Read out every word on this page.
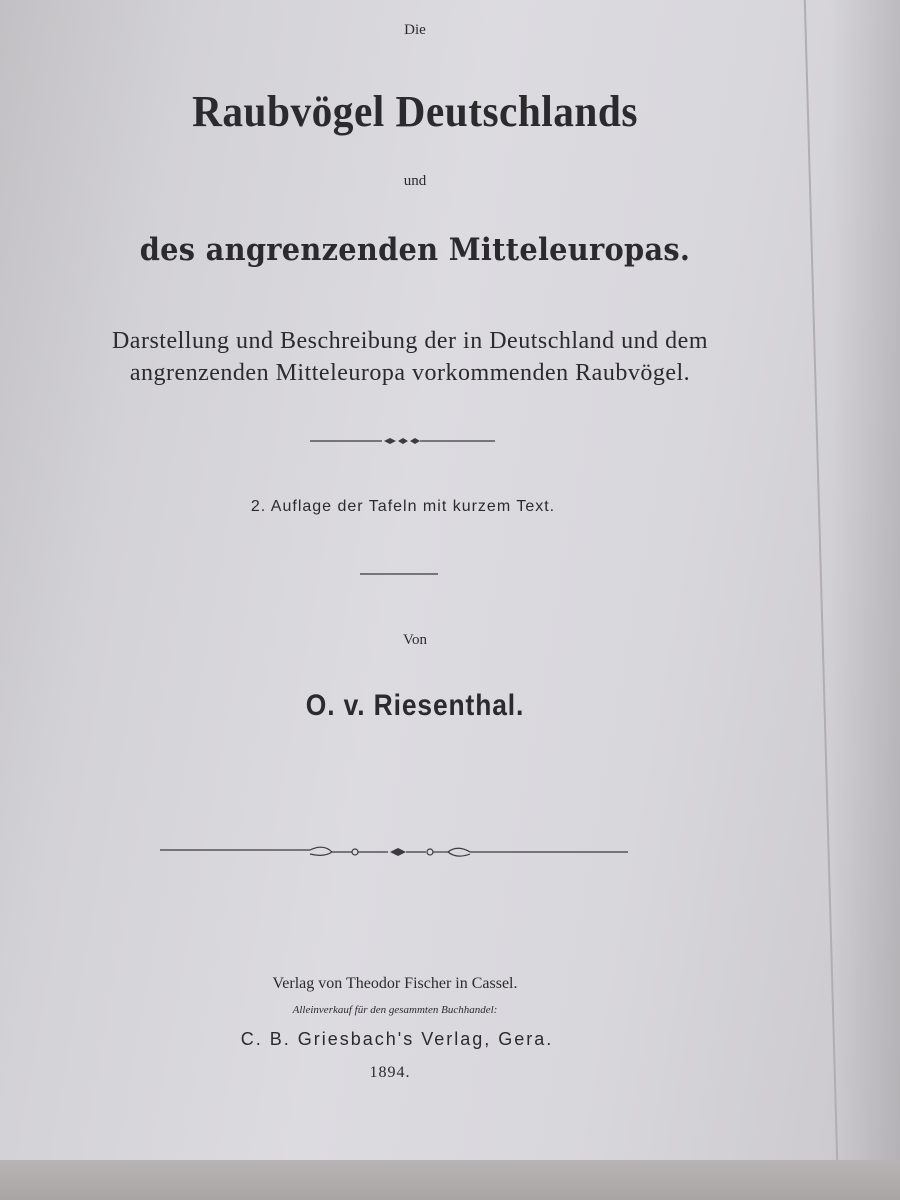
Die
Raubvögel Deutschlands
und
des angrenzenden Mitteleuropas.
Darstellung und Beschreibung der in Deutschland und dem
angrenzenden Mitteleuropa vorkommenden Raubvögel.
2. Auflage der Tafeln mit kurzem Text.
Von
O. v. Riesenthal.
Verlag von Theodor Fischer in Cassel.
Alleinverkauf für den gesammten Buchhandel:
C. B. Griesbach's Verlag, Gera.
1894.
